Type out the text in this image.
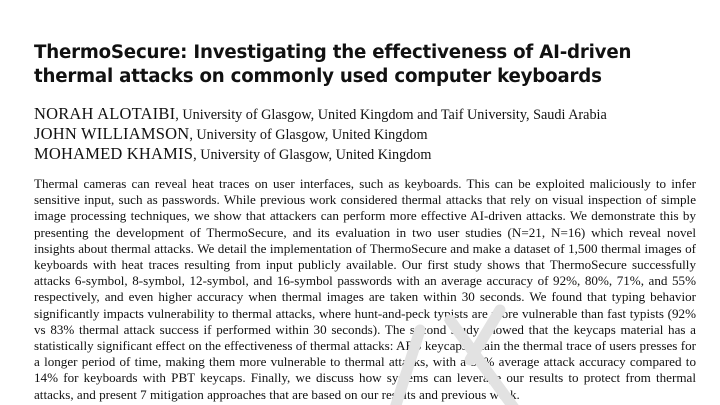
ThermoSecure: Investigating the effectiveness of AI-driven thermal attacks on commonly used computer keyboards
NORAH ALOTAIBI, University of Glasgow, United Kingdom and Taif University, Saudi Arabia
JOHN WILLIAMSON, University of Glasgow, United Kingdom
MOHAMED KHAMIS, University of Glasgow, United Kingdom

Thermal cameras can reveal heat traces on user interfaces, such as keyboards. This can be exploited maliciously to infer sensitive input, such as passwords. While previous work considered thermal attacks that rely on visual inspection of simple image processing techniques, we show that attackers can perform more effective AI-driven attacks. We demonstrate this by presenting the development of ThermoSecure, and its evaluation in two user studies (N=21, N=16) which reveal novel insights about thermal attacks. We detail the implementation of ThermoSecure and make a dataset of 1,500 thermal images of keyboards with heat traces resulting from input publicly available. Our first study shows that ThermoSecure successfully attacks 6-symbol, 8-symbol, 12-symbol, and 16-symbol passwords with an average accuracy of 92%, 80%, 71%, and 55% respectively, and even higher accuracy when thermal images are taken within 30 seconds. We found that typing behavior significantly impacts vulnerability to thermal attacks, where hunt-and-peck typists are more vulnerable than fast typists (92% vs 83% thermal attack success if performed within 30 seconds). The second study showed that the keycaps material has a statistically significant effect on the effectiveness of thermal attacks: ABS keycaps retain the thermal trace of users presses for a longer period of time, making them more vulnerable to thermal attacks, with a 52% average attack accuracy compared to 14% for keyboards with PBT keycaps. Finally, we discuss how systems can leverage our results to protect from thermal attacks, and present 7 mitigation approaches that are based on our results and previous work.
